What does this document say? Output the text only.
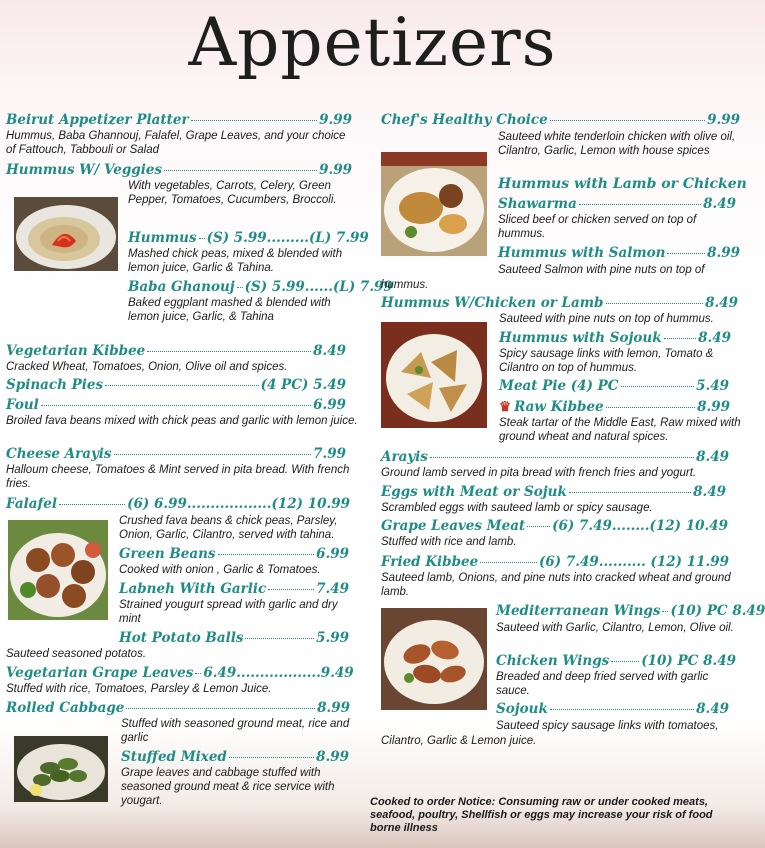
Appetizers
Beirut Appetizer Platter	9.99
Hummus, Baba Ghannouj, Falafel, Grape Leaves, and your choice of Fattouch, Tabbouli or Salad
Hummus W/ Veggies	9.99
With vegetables, Carrots, Celery, Green Pepper, Tomatoes, Cucumbers, Broccoli.
Hummus (S) 5.99.........(L) 7.99
Mashed chick peas, mixed & blended with lemon juice, Garlic & Tahina.
Baba Ghanouj (S) 5.99......(L) 7.99
Baked eggplant mashed & blended with lemon juice, Garlic, & Tahina
Vegetarian Kibbee	8.49
Cracked Wheat, Tomatoes, Onion, Olive oil and spices.
Spinach Pies	(4 PC) 5.49
Foul	6.99
Broiled fava beans mixed with chick peas and garlic with lemon juice.
Cheese Arayis	7.99
Halloum cheese, Tomatoes & Mint served in pita bread. With french fries.
Falafel	(6) 6.99..................(12) 10.99
Crushed fava beans & chick peas, Parsley, Onion, Garlic, Cilantro, served with tahina.
Green Beans	6.99
Cooked with onion , Garlic & Tomatoes.
Labneh With Garlic	7.49
Strained yougurt spread with garlic and dry mint
Hot Potato Balls	5.99
Sauteed seasoned potatos.
Vegetarian Grape Leaves 6.49..................9.49
Stuffed with rice, Tomatoes, Parsley & Lemon Juice.
Rolled Cabbage	8.99
Stuffed with seasoned ground meat, rice and garlic
Stuffed Mixed	8.99
Grape leaves and cabbage stuffed with seasoned ground meat & rice service with yougart.
Chef's Healthy Choice	9.99
Sauteed white tenderloin chicken with olive oil, Cilantro, Garlic, Lemon with house spices
Hummus with Lamb or Chicken
Shawarma	8.49
Sliced beef or chicken served on top of hummus.
Hummus with Salmon	8.99
Sauteed Salmon with pine nuts on top of
hummus.
Hummus W/Chicken or Lamb	8.49
Sauteed with pine nuts on top of hummus.
Hummus with Sojouk	8.49
Spicy sausage links with lemon, Tomato & Cilantro on top of hummus.
Meat Pie (4) PC	5.49
♛ Raw Kibbee	8.99
Steak tartar of the Middle East, Raw mixed with ground wheat and natural spices.
Arayis	8.49
Ground lamb served in pita bread with french fries and yogurt.
Eggs with Meat or Sojuk	8.49
Scrambled eggs with sauteed lamb or spicy sausage.
Grape Leaves Meat (6) 7.49........(12) 10.49
Stuffed with rice and lamb.
Fried Kibbee	(6) 7.49.......... (12) 11.99
Sauteed lamb, Onions, and pine nuts into cracked wheat and ground lamb.
Mediterranean Wings (10) PC 8.49
Sauteed with Garlic, Cilantro, Lemon, Olive oil.
Chicken Wings (10) PC 8.49
Breaded and deep fried served with garlic sauce.
Sojouk	8.49
Sauteed spicy sausage links with tomatoes,
Cilantro, Garlic & Lemon juice.
Cooked to order Notice: Consuming raw or under cooked meats, seafood, poultry, Shellfish or eggs may increase your risk of food borne illness
